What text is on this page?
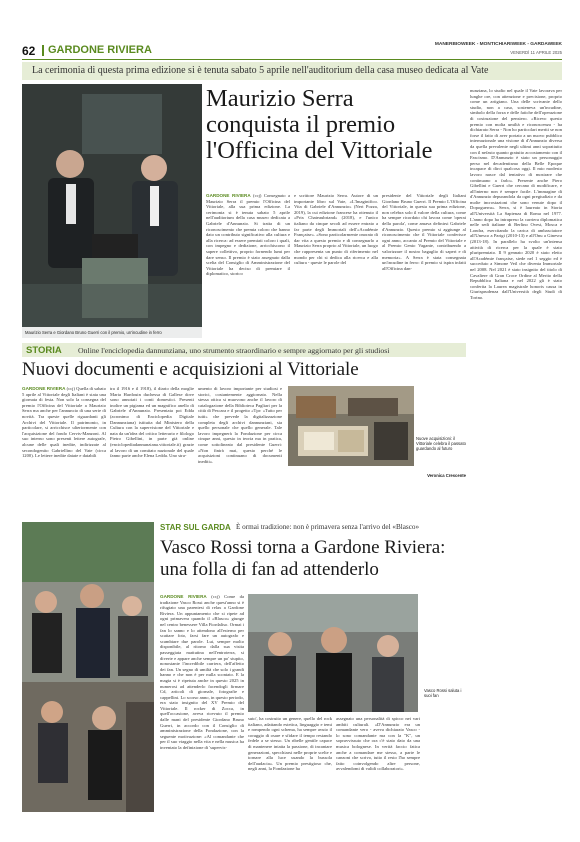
62 GARDONE RIVIERA	MANERBIOWEEK - MONTICHIARIWEEK - GARDAWEEK
VENERDÌ 11 APRILE 2025
La cerimonia di questa prima edizione si è tenuta sabato 5 aprile nell'auditorium della casa museo dedicata al Vate
Maurizio Serra e Giordano Bruno Guerri con il premio, un'incudine in ferro
Maurizio Serra conquista il premio l'Officina del Vittoriale
GARDONE RIVIERA (ccj) Consegnato a Maurizio Serra il premio l'Officina del Vittoriale, alla sua prima edizione. La cerimonia si è tenuta sabato 5 aprile nell'auditorium della casa museo dedicata a Gabriele d'Annunzio. Si tratta di un riconoscimento che premia coloro che hanno dato un contributo significativo alla cultura e alla ricerca: ad essere premiati coloro i quali, con impegno e dedizione, arricchiscono il sapere collettivo, proprio fornendo lumi per dare senso. Il premio è stato assegnato dalla scelta del Consiglio di Amministrazione del Vittoriale ha deciso di premiare il diplomatico, storico
e scrittore Maurizio Serra. Autore di un importante libro sul Vate, «L'Imaginifico. Vita di Gabriele d'Annunzio» (Neri Pozza, 2019), la cui edizione francese ha ottenuto il «Prix Chateaubriand» (2018), e l'unico italiano da cinque secoli ad essere entrato a far parte degli Immortali dell'«Académie Française». «Sono particolarmente onorato di dar vita a questo premio e di consegnarlo a Maurizio Serra proprio al Vittoriale, un luogo che rappresenta un punto di riferimento nel mondo per chi si dedica alla ricerca e alla cultura - queste le parole del
presidente del Vittoriale degli Italiani Giordano Bruno Guerri. Il Premio L'Officina del Vittoriale, in questa sua prima edizione, non celebra solo il valore della cultura, come ha sempre ricordato chi lavora come 'operai della parola', come amava definirsi Gabriele d'Annunzio. Questo premio si aggiunge al riconoscimento che il Vittoriale conferisce ogni anno, accanto al Premio del Vittoriale e al Premio Genio Vagante, contribuendo a valorizzare il nostro bagaglio di saperi e di memoria». A Serra è stata consegnata un'incudine in ferro: il premio si ispira infatti all'Officina dan-
nunziana, lo studio nel quale il Vate lavorava per lunghe ore, con attenzione e precisione, proprio come un artigiano. Una delle scrivanie dello studio, non a caso, sosteneva un'incudine, simbolo della forza e delle fatiche dell'operazione di costruzione del pensiero. «Ricevo questo premio con molta umiltà e riconoscenza - ha dichiarato Serra - Non ho particolari meriti se non forse il fatto di aver portato a un nuovo pubblico internazionale una visione di d'Annunzio diversa da quella prevalente negli ultimi anni soprattutto con il nefasto quanto gratuito accostamento con il Fascismo. D'Annunzio è stato un personaggio perso nel decadentismo della Belle Epoque incapace di dirci qualcosa oggi. Il mio modesto lavoro nasce dal tentativo di mostrare che continuano a farlo». Presente anche Piero Gibellini e Guerri che cercano di modificare, e all'interno non è sempre facile. L'immagine di d'Annunzio depurandola da ogni pregiudizio e da molte incrostazioni che sono venute dopo il Dopoguerra». Serra, si è laureato in Storia all'Università La Sapienza di Roma nel 1977. L'anno dopo ha intrapreso la carriera diplomatica nelle sedi italiane di Berlino Ovest, Mosca e Londra, esercitando la carica di ambasciatore all'Unesco a Parigi (2010-13) e all'Onu a Ginevra (2013-18). In parallelo ha svolto un'intensa attività di ricerca per la quale è stato pluripremiato. Il 9 gennaio 2020 è stato eletto all'Académie française, siede nel 1 seggio ed è succeduto a Simone Veil che diventa Immortale nel 2008. Nel 2021 è stato insignito del titolo di Cavaliere di Gran Croce Ordine al Merito della Repubblica Italiana e nel 2022 gli è stato conferita la Laurea magistrale honoris causa in Giurisprudenza dall'Università degli Studi di Torino.
STORIA Online l'enciclopedia dannunziana, uno strumento straordinario e sempre aggiornato per gli studiosi
Nuovi documenti e acquisizioni al Vittoriale
GARDONE RIVIERA (ccj) Quella di sabato 5 aprile al Vittoriale degli Italiani è stata una giornata di festa. Non solo la consegna del premio l'Officina del Vittoriale a Maurizio Serra ma anche per l'annuncio di una serie di novità. Tra queste quelle riguardanti gli Archivi del Vittoriale. Il patrimonio, in particolare, si arricchisce ulteriormente con l'acquisizione del fondo Cervis-Manzoni. Al suo interno sono presenti lettere autografe, alcune delle quali inedite, indirizzate al secondogenito Gabriellino del Vate (circa 1200). Le lettere inedite datate e databili
tra il 1916 e il 1918), il diario della moglie Maria Hardouin duchessa di Gallese dove sono annotati i conti domestici. Presenti inoltre un pigiama ed un magnifico anello di Gabriele d'Annunzio. Presentata poi Edda (acronimo di Enciclopedia Digitale Dannunziana) istituita dal Ministero della Cultura con la supervisione del Vittoriale e nata da un'idea del critico letterario e filologo Pietro Gibellini, in parte già online (enciclopediadannunziana.vittoriale.it) grazie al lavoro di un comitato nazionale del quale fanno parte anche Elena Ledda. Uno stra-
umento di lavoro importante per studiosi e storici, costantemente aggiornato. Nella stessa ottica si muovono anche il lavoro di catalogazione della Biblioteca Pagliari per la città di Pescara e il progetto «Tpr: «Tutto per tutti» che prevede la digitalizzazione completa degli archivi dannunziani, sia quello personale che quello generale. Tale lavoro impegnerà la Fondazione per circa cinque anni, questo in teoria ma in pratica, come sottolineato dal presidente Guerri: «Non finirà mai, questo perché le acquisizioni continuano di documenti inediti».
Nuove acquisizioni: il Vittoriale celebra il passato guardando al futuro
Veronica Crescente
STAR SUL GARDA È ormai tradizione: non è primavera senza l'arrivo del «Blasco»
Vasco Rossi torna a Gardone Riviera: una folla di fan ad attenderlo
GARDONE RIVIERA (ccj) Come da tradizione Vasco Rossi anche quest'anno si è rifugiato una parentesi di relax a Gardone Riviera. Un appuntamento che si ripete ad ogni primavera quando il «Blasco» giunge nel centro benessere Villa Fiordaliso. Ormai i fan lo sanno e lo attendono all'esterno per scattare foto, farsi fare un autografo e scambiare due parole. Lui, sempre molto disponibile, al ritorno dalla sua visita passeggiata mattutina nell'entroterra, si diverte e appare anche sempre un po' stupito, nonostante l'incredibile carriera, dell'affetto dei fan. Un segno di umiltà che solo i grandi hanno e che non è per nulla scontato. E la magia si è ripetuta anche in questo 2025 in numerosi ad attenderlo facendogli firmare Cd, articoli di giornale, fotografie e cappellini. Lo scorso anno, in questo periodo, era stato insignito del XV Premio del Vittoriale. Il rocker di Zocca, in quell'occasione, aveva ricevuto il premio dalle mani del presidente Giordano Bruno Guerri, in accordo con il Consiglio di amministrazione della Fondazione, con la seguente motivazione: «Al comandante che per il suo viaggio nella vita e nella musica ha inventato la definizione di 'supervis-
Vasco Rossi saluta i suoi fan
suto', ha costruito un genere, quello del rock italiano, adattando estetica, linguaggio e temi e rompendo ogni schema, ha sempre avuto il coraggio di osare e sfidare il tempo restando fedele a se stesso. Un ribelle gentile capace di mantenere intatta la passione, di incantare generazioni, specchiarsi nelle proprie scelte e tornare alla luce usando la bussola dell'audacia». Un premio prestigioso che, negli anni, la Fondazione ha
assegnato una personalità di spicco nei vari ambiti culturali. «D'Annunzio era un comandante vero - aveva dichiarato Vasco - lo sono comandante ma con la "K", un sopravvissuto che ora c'è stato dato da una musica bolognese. In verità faccio fatica anche a comandare me stesso, a parte le canzoni che scrivo, tutto il resto l'ho sempre fatto coinvolgendo altre persone, avvalendomi di validi collaboratori».
